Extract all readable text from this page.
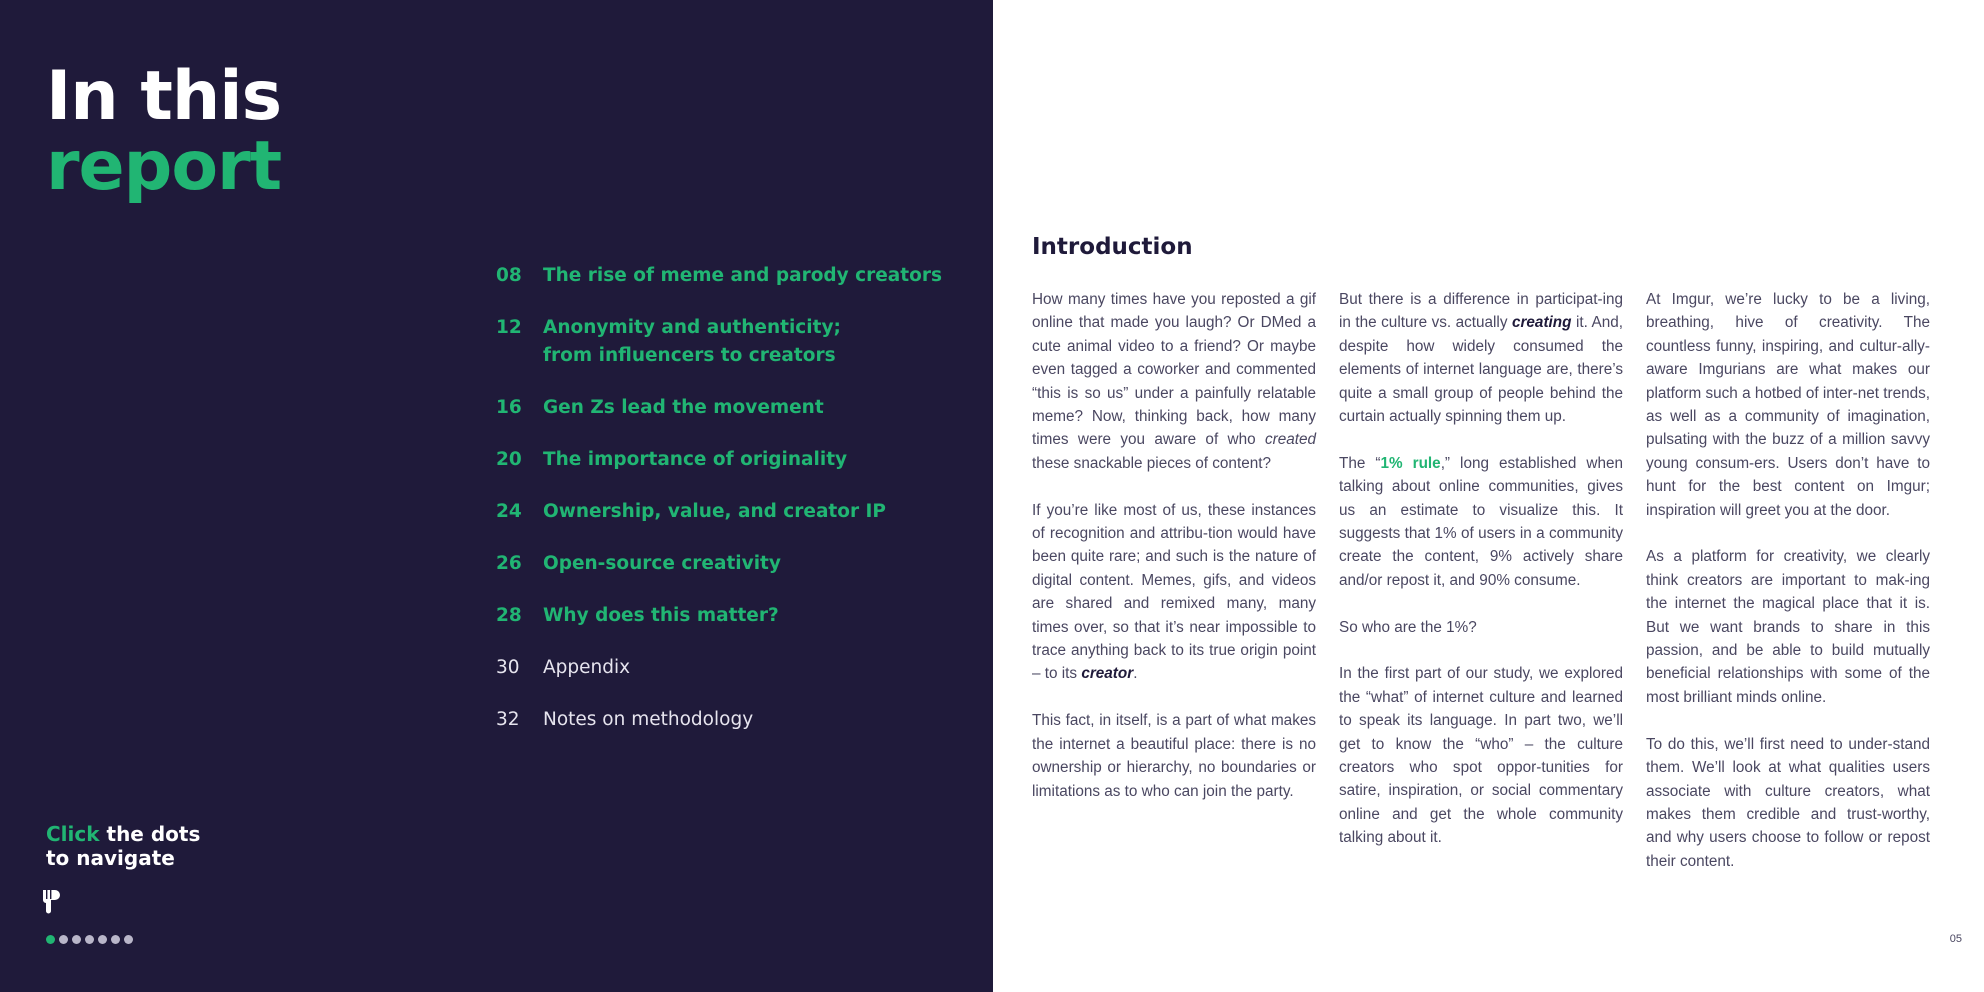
In this
report
08	The rise of meme and parody creators
12	Anonymity and authenticity;
from influencers to creators
16	Gen Zs lead the movement
20	The importance of originality
24	Ownership, value, and creator IP
26	Open-source creativity
28	Why does this matter?
30	Appendix
32	Notes on methodology
Click the dots
to navigate
Introduction

How many times have you reposted a gif online that made you laugh? Or DMed a cute animal video to a friend? Or maybe even tagged a coworker and commented “this is so us” under a painfully relatable meme? Now, thinking back, how many times were you aware of who created these snackable pieces of content?

If you’re like most of us, these instances of recognition and attribu-tion would have been quite rare; and such is the nature of digital content. Memes, gifs, and videos are shared and remixed many, many times over, so that it’s near impossible to trace anything back to its true origin point – to its creator.

This fact, in itself, is a part of what makes the internet a beautiful place: there is no ownership or hierarchy, no boundaries or limitations as to who can join the party.

But there is a difference in participat-ing in the culture vs. actually creating it. And, despite how widely consumed the elements of internet language are, there’s quite a small group of people behind the curtain actually spinning them up.

The “1% rule,” long established when talking about online communities, gives us an estimate to visualize this. It suggests that 1% of users in a community create the content, 9% actively share and/or repost it, and 90% consume.

So who are the 1%?

In the first part of our study, we explored the “what” of internet culture and learned to speak its language. In part two, we’ll get to know the “who” – the culture creators who spot oppor-tunities for satire, inspiration, or social commentary online and get the whole community talking about it.

At Imgur, we’re lucky to be a living, breathing, hive of creativity. The countless funny, inspiring, and cultur-ally-aware Imgurians are what makes our platform such a hotbed of inter-net trends, as well as a community of imagination, pulsating with the buzz of a million savvy young consum-ers. Users don’t have to hunt for the best content on Imgur; inspiration will greet you at the door.

As a platform for creativity, we clearly think creators are important to mak-ing the internet the magical place that it is. But we want brands to share in this passion, and be able to build mutually beneficial relationships with some of the most brilliant minds online.

To do this, we’ll first need to under-stand them. We’ll look at what qualities users associate with culture creators, what makes them credible and trust-worthy, and why users choose to follow or repost their content.

05
